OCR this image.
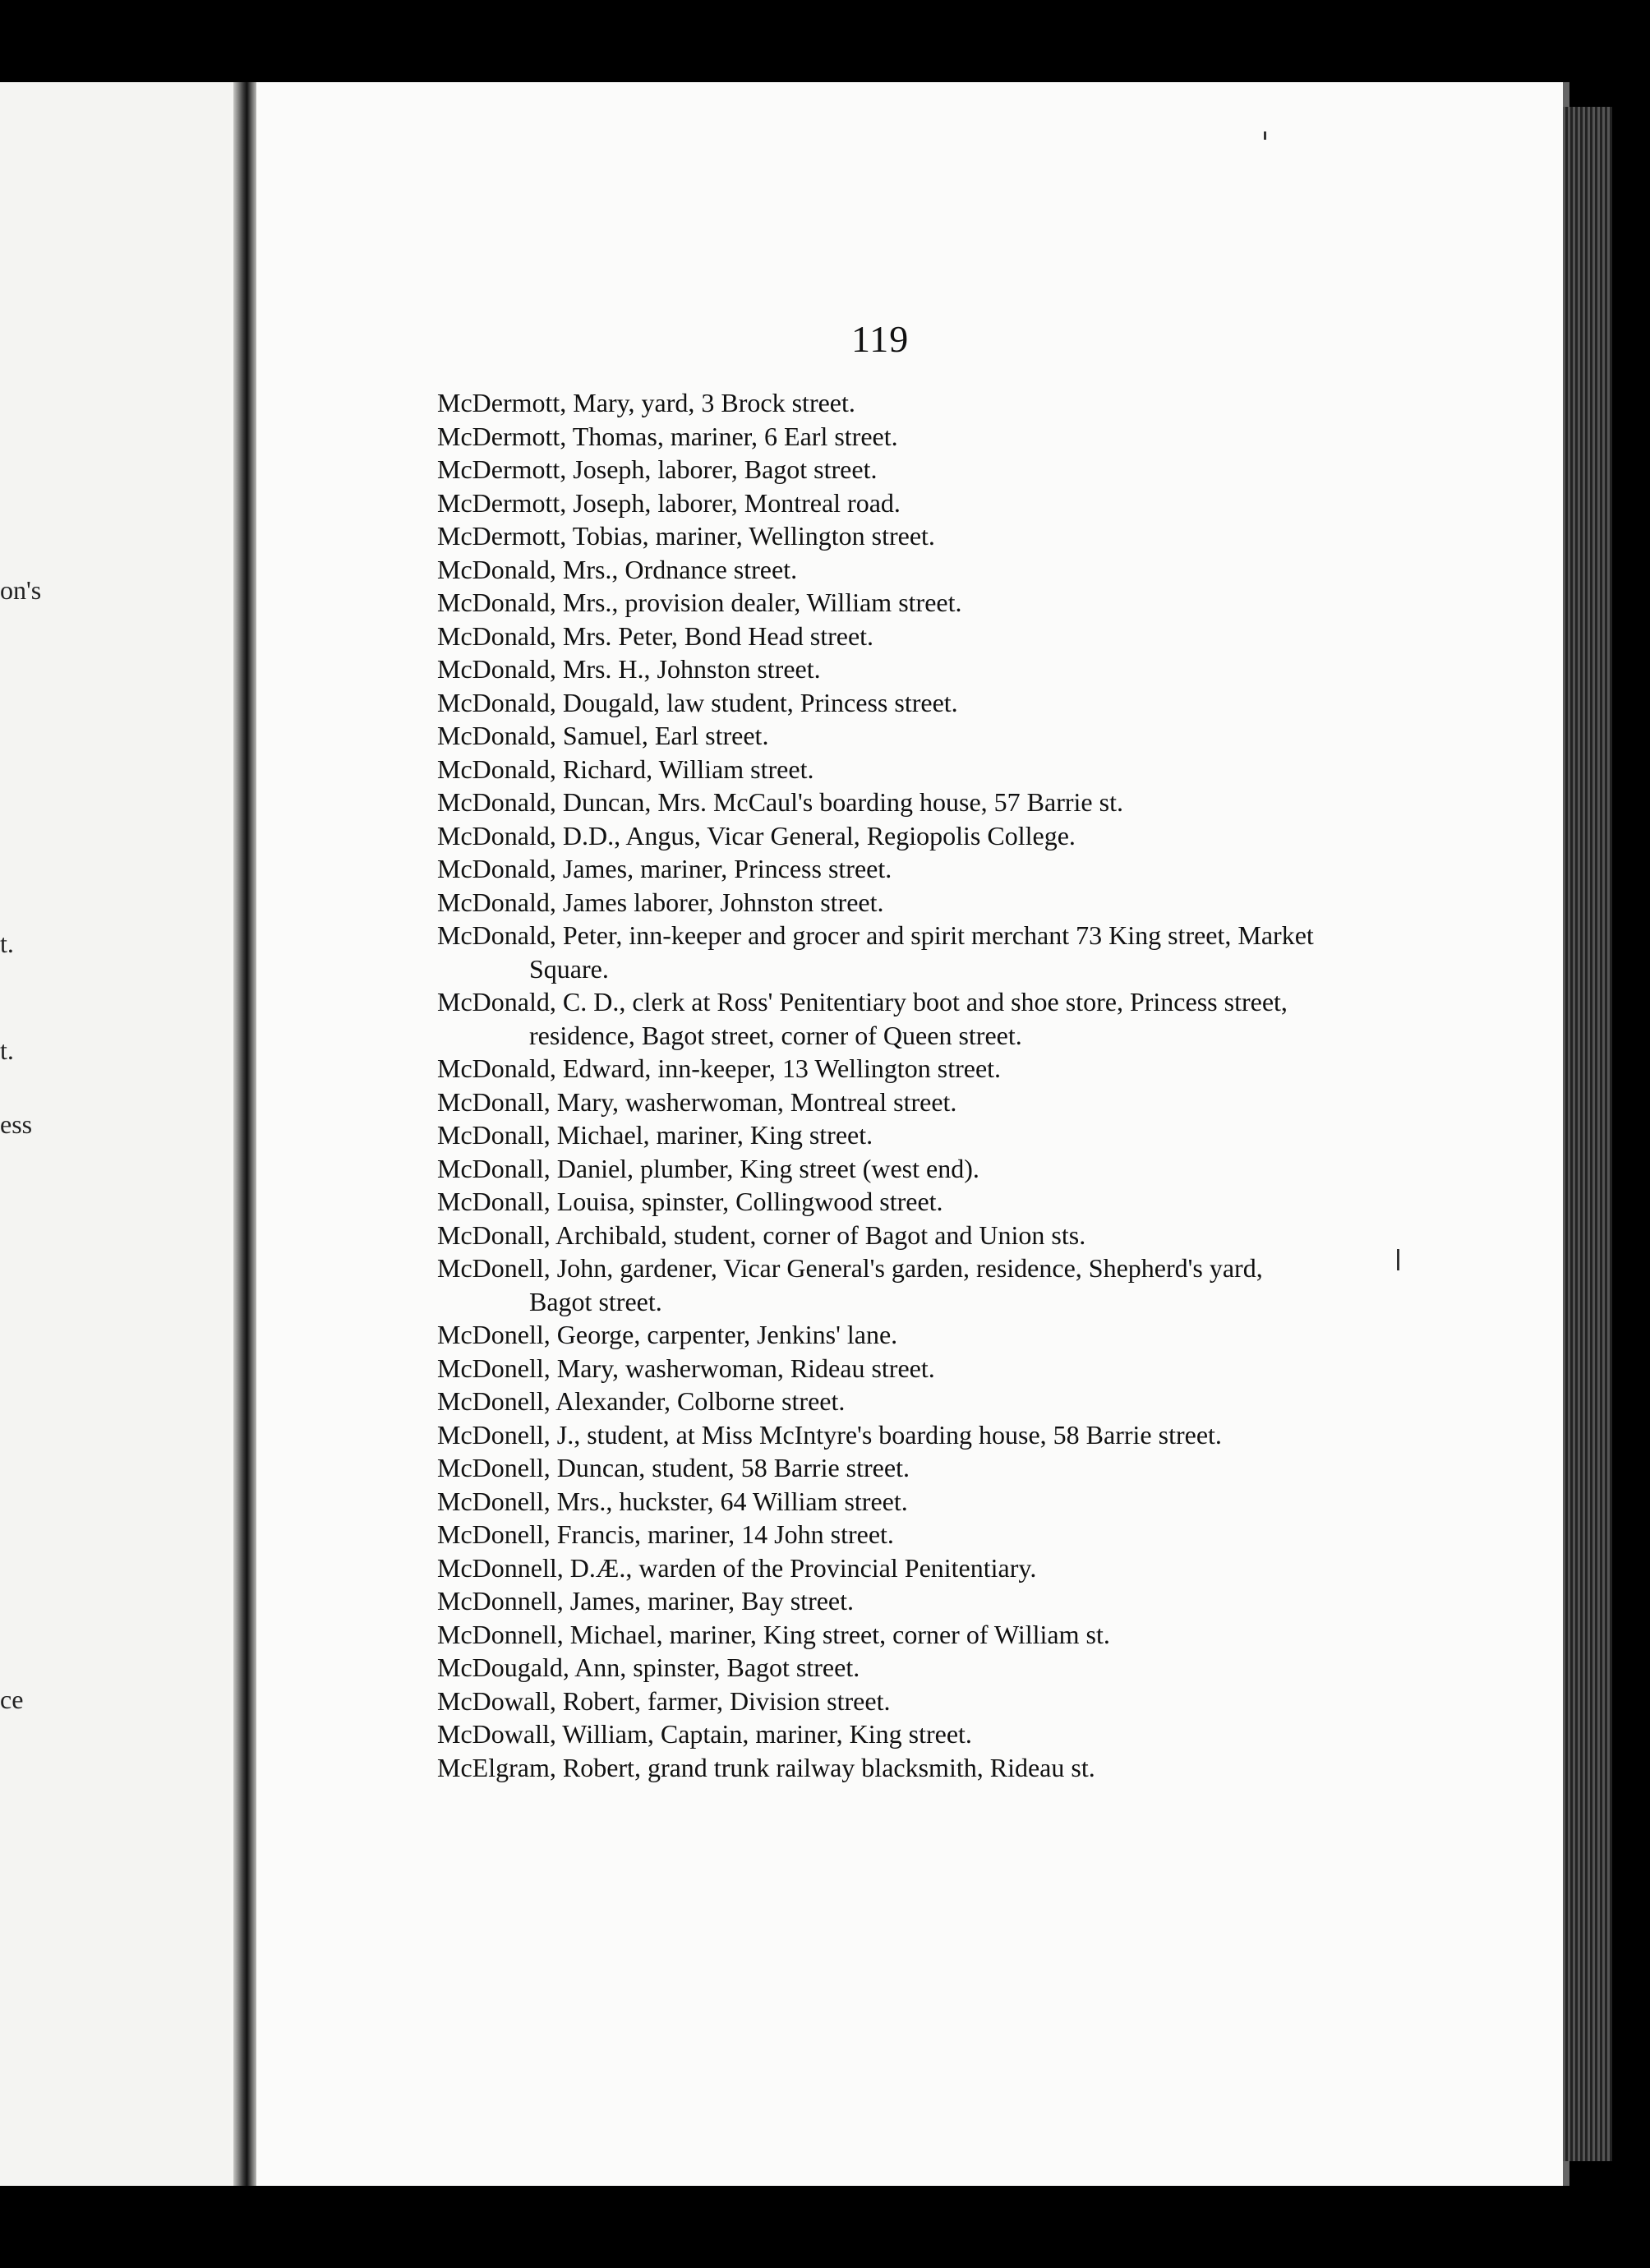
on's
t.
t.
ess
ce
119

McDermott, Mary, yard, 3 Brock street.

McDermott, Thomas, mariner, 6 Earl street.

McDermott, Joseph, laborer, Bagot street.

McDermott, Joseph, laborer, Montreal road.

McDermott, Tobias, mariner, Wellington street.

McDonald, Mrs., Ordnance street.

McDonald, Mrs., provision dealer, William street.

McDonald, Mrs. Peter, Bond Head street.

McDonald, Mrs. H., Johnston street.

McDonald, Dougald, law student, Princess street.

McDonald, Samuel, Earl street.

McDonald, Richard, William street.

McDonald, Duncan, Mrs. McCaul's boarding house, 57 Barrie st.

McDonald, D.D., Angus, Vicar General, Regiopolis College.

McDonald, James, mariner, Princess street.

McDonald, James laborer, Johnston street.

McDonald, Peter, inn-keeper and grocer and spirit merchant 73 King street, Market Square.

McDonald, C. D., clerk at Ross' Penitentiary boot and shoe store, Princess street, residence, Bagot street, corner of Queen street.

McDonald, Edward, inn-keeper, 13 Wellington street.

McDonall, Mary, washerwoman, Montreal street.

McDonall, Michael, mariner, King street.

McDonall, Daniel, plumber, King street (west end).

McDonall, Louisa, spinster, Collingwood street.

McDonall, Archibald, student, corner of Bagot and Union sts.

McDonell, John, gardener, Vicar General's garden, residence, Shepherd's yard, Bagot street.

McDonell, George, carpenter, Jenkins' lane.

McDonell, Mary, washerwoman, Rideau street.

McDonell, Alexander, Colborne street.

McDonell, J., student, at Miss McIntyre's boarding house, 58 Barrie street.

McDonell, Duncan, student, 58 Barrie street.

McDonell, Mrs., huckster, 64 William street.

McDonell, Francis, mariner, 14 John street.

McDonnell, D.Æ., warden of the Provincial Penitentiary.

McDonnell, James, mariner, Bay street.

McDonnell, Michael, mariner, King street, corner of William st.

McDougald, Ann, spinster, Bagot street.

McDowall, Robert, farmer, Division street.

McDowall, William, Captain, mariner, King street.

McElgram, Robert, grand trunk railway blacksmith, Rideau st.
